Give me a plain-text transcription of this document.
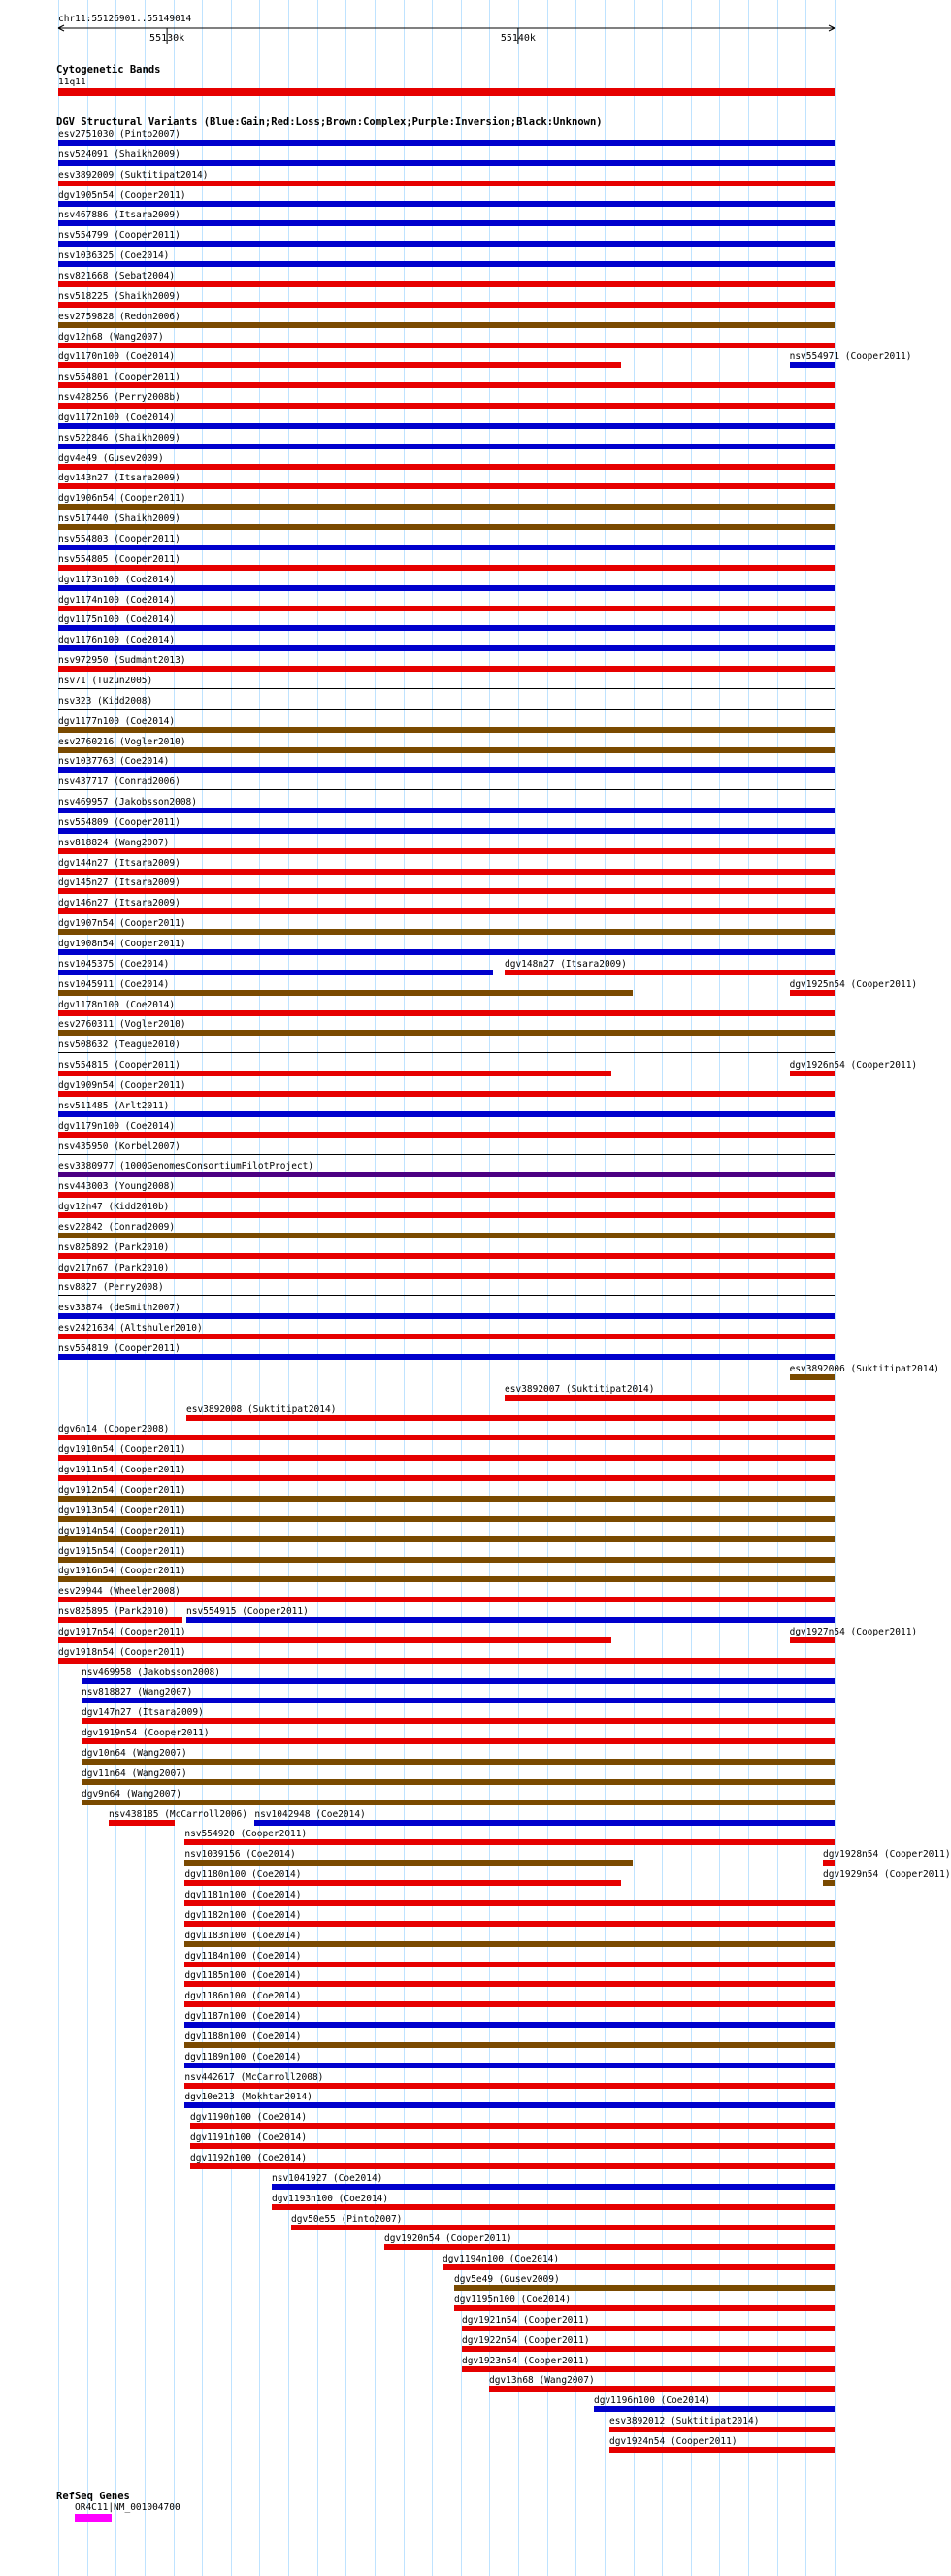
chr11:55126901..55149014
55130k	55140k
Cytogenetic Bands
11q11
DGV Structural Variants (Blue:Gain;Red:Loss;Brown:Complex;Purple:Inversion;Black:Unknown)
esv2751030 (Pinto2007)
nsv524091 (Shaikh2009)
esv3892009 (Suktitipat2014)
dgv1905n54 (Cooper2011)
nsv467886 (Itsara2009)
nsv554799 (Cooper2011)
nsv1036325 (Coe2014)
nsv821668 (Sebat2004)
nsv518225 (Shaikh2009)
esv2759828 (Redon2006)
dgv12n68 (Wang2007)
dgv1170n100 (Coe2014)	nsv554971 (Cooper2011)
nsv554801 (Cooper2011)
nsv428256 (Perry2008b)
dgv1172n100 (Coe2014)
nsv522846 (Shaikh2009)
dgv4e49 (Gusev2009)
dgv143n27 (Itsara2009)
dgv1906n54 (Cooper2011)
nsv517440 (Shaikh2009)
nsv554803 (Cooper2011)
nsv554805 (Cooper2011)
dgv1173n100 (Coe2014)
dgv1174n100 (Coe2014)
dgv1175n100 (Coe2014)
dgv1176n100 (Coe2014)
nsv972950 (Sudmant2013)
nsv71 (Tuzun2005)
nsv323 (Kidd2008)
dgv1177n100 (Coe2014)
esv2760216 (Vogler2010)
nsv1037763 (Coe2014)
nsv437717 (Conrad2006)
nsv469957 (Jakobsson2008)
nsv554809 (Cooper2011)
nsv818824 (Wang2007)
dgv144n27 (Itsara2009)
dgv145n27 (Itsara2009)
dgv146n27 (Itsara2009)
dgv1907n54 (Cooper2011)
dgv1908n54 (Cooper2011)
nsv1045375 (Coe2014)	dgv148n27 (Itsara2009)
nsv1045911 (Coe2014)	dgv1925n54 (Cooper2011)
dgv1178n100 (Coe2014)
esv2760311 (Vogler2010)
nsv508632 (Teague2010)
nsv554815 (Cooper2011)	dgv1926n54 (Cooper2011)
dgv1909n54 (Cooper2011)
nsv511485 (Arlt2011)
dgv1179n100 (Coe2014)
nsv435950 (Korbel2007)
esv3380977 (1000GenomesConsortiumPilotProject)
nsv443003 (Young2008)
dgv12n47 (Kidd2010b)
esv22842 (Conrad2009)
nsv825892 (Park2010)
dgv217n67 (Park2010)
nsv8827 (Perry2008)
esv33874 (deSmith2007)
esv2421634 (Altshuler2010)
nsv554819 (Cooper2011)
esv3892006 (Suktitipat2014)
esv3892007 (Suktitipat2014)
esv3892008 (Suktitipat2014)
dgv6n14 (Cooper2008)
dgv1910n54 (Cooper2011)
dgv1911n54 (Cooper2011)
dgv1912n54 (Cooper2011)
dgv1913n54 (Cooper2011)
dgv1914n54 (Cooper2011)
dgv1915n54 (Cooper2011)
dgv1916n54 (Cooper2011)
esv29944 (Wheeler2008)
nsv825895 (Park2010) nsv554915 (Cooper2011)
dgv1917n54 (Cooper2011)	dgv1927n54 (Cooper2011)
dgv1918n54 (Cooper2011)
nsv469958 (Jakobsson2008)
nsv818827 (Wang2007)
dgv147n27 (Itsara2009)
dgv1919n54 (Cooper2011)
dgv10n64 (Wang2007)
dgv11n64 (Wang2007)
dgv9n64 (Wang2007)
nsv438185 (McCarroll2006) nsv1042948 (Coe2014)
nsv554920 (Cooper2011)
nsv1039156 (Coe2014)	dgv1928n54 (Cooper2011)
dgv1180n100 (Coe2014)	dgv1929n54 (Cooper2011)
dgv1181n100 (Coe2014)
dgv1182n100 (Coe2014)
dgv1183n100 (Coe2014)
dgv1184n100 (Coe2014)
dgv1185n100 (Coe2014)
dgv1186n100 (Coe2014)
dgv1187n100 (Coe2014)
dgv1188n100 (Coe2014)
dgv1189n100 (Coe2014)
nsv442617 (McCarroll2008)
dgv10e213 (Mokhtar2014)
dgv1190n100 (Coe2014)
dgv1191n100 (Coe2014)
dgv1192n100 (Coe2014)
nsv1041927 (Coe2014)
dgv1193n100 (Coe2014)
dgv50e55 (Pinto2007)
dgv1920n54 (Cooper2011)
dgv1194n100 (Coe2014)
dgv5e49 (Gusev2009)
dgv1195n100 (Coe2014)
dgv1921n54 (Cooper2011)
dgv1922n54 (Cooper2011)
dgv1923n54 (Cooper2011)
dgv13n68 (Wang2007)
dgv1196n100 (Coe2014)
esv3892012 (Suktitipat2014)
dgv1924n54 (Cooper2011)
RefSeq Genes
OR4C11|NM_001004700
